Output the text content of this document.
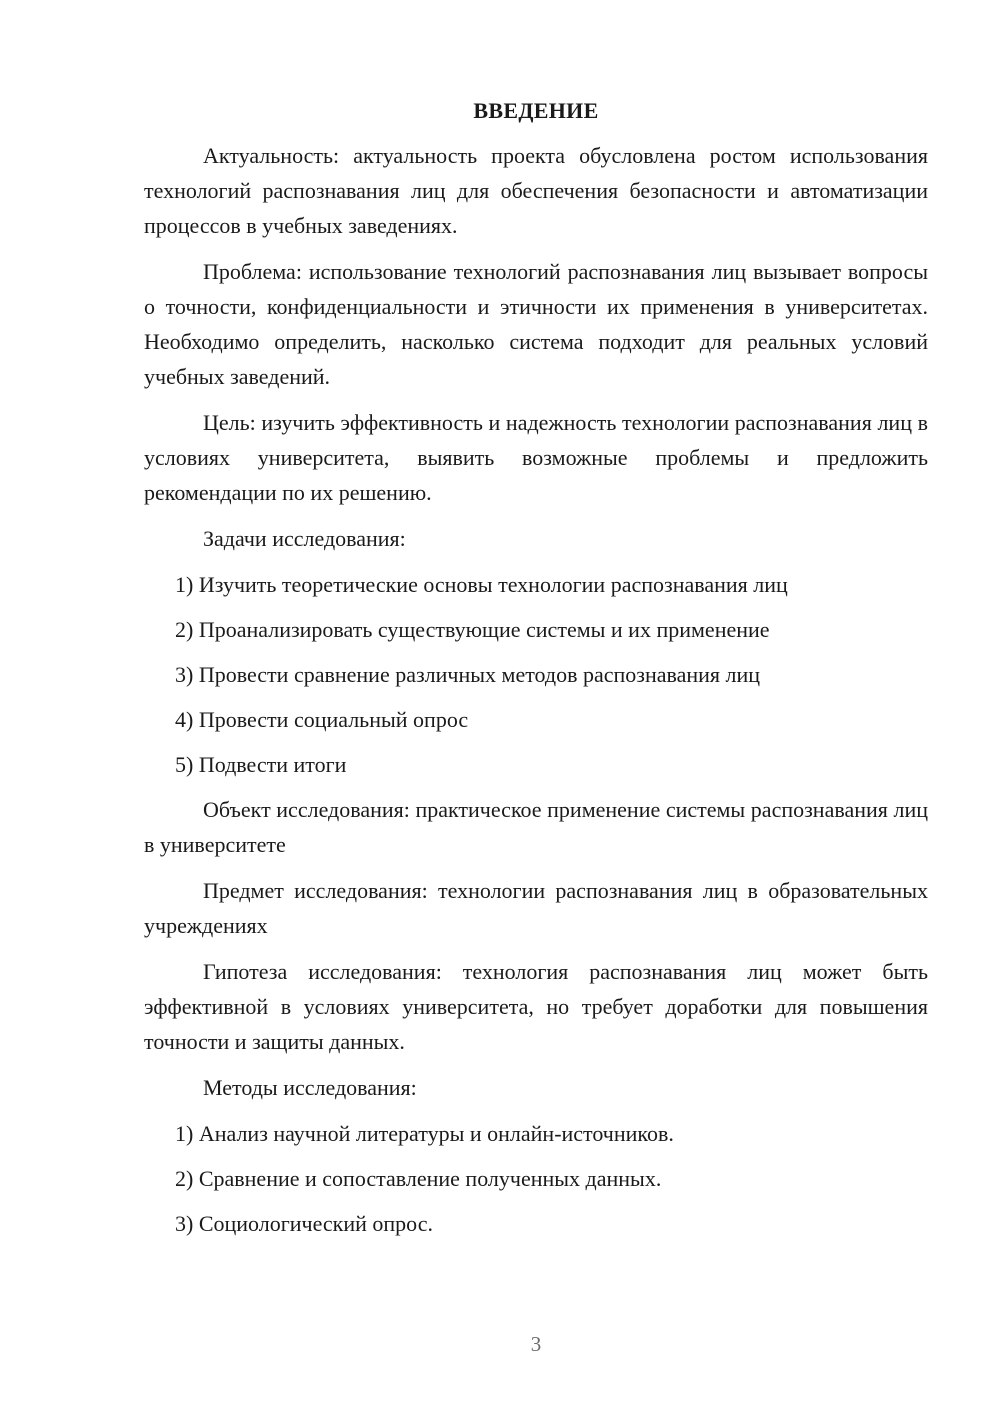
ВВЕДЕНИЕ

Актуальность: актуальность проекта обусловлена ростом использования технологий распознавания лиц для обеспечения безопасности и автоматизации процессов в учебных заведениях.

Проблема: использование технологий распознавания лиц вызывает вопросы о точности, конфиденциальности и этичности их применения в университетах. Необходимо определить, насколько система подходит для реальных условий учебных заведений.

Цель: изучить эффективность и надежность технологии распознавания лиц в условиях университета, выявить возможные проблемы и предложить рекомендации по их решению.

Задачи исследования:

1) Изучить теоретические основы технологии распознавания лиц
2) Проанализировать существующие системы и их применение
3) Провести сравнение различных методов распознавания лиц
4) Провести социальный опрос
5) Подвести итоги

Объект исследования: практическое применение системы распознавания лиц в университете

Предмет исследования: технологии распознавания лиц в образовательных учреждениях

Гипотеза исследования: технология распознавания лиц может быть эффективной в условиях университета, но требует доработки для повышения точности и защиты данных.

Методы исследования:

1) Анализ научной литературы и онлайн-источников.
2) Сравнение и сопоставление полученных данных.
3) Социологический опрос.
3
